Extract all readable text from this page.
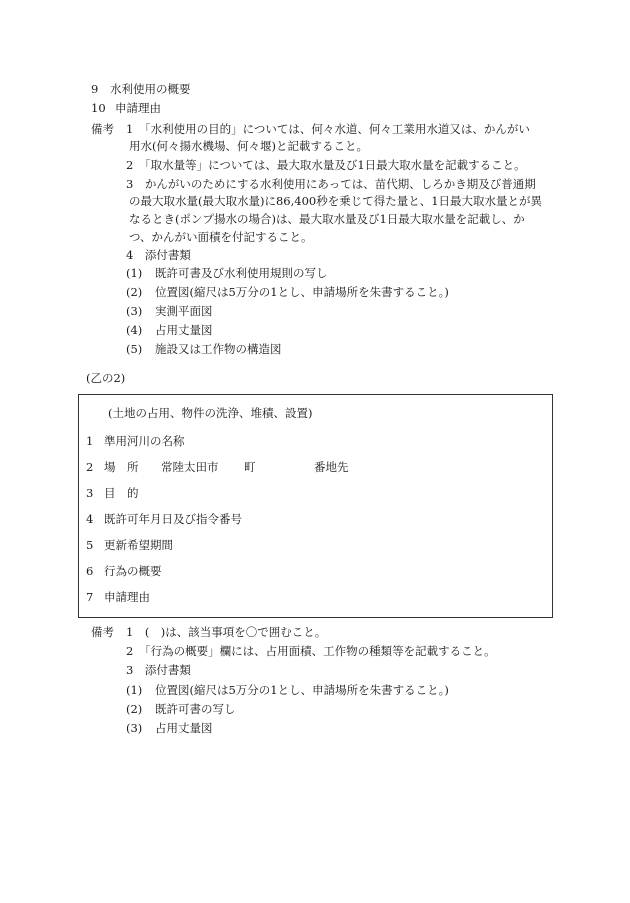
9 水利使用の概要
10 申請理由
備考 1　「水利使用の目的」については、何々水道、何々工業用水道又は、かんがい
用水(何々揚水機場、何々堰)と記載すること。
2　「取水量等」については、最大取水量及び1日最大取水量を記載すること。
3　かんがいのためにする水利使用にあっては、苗代期、しろかき期及び普通期
の最大取水量(最大取水量)に86,400秒を乗じて得た量と、1日最大取水量とが異
なるとき(ポンプ揚水の場合)は、最大取水量及び1日最大取水量を記載し、か
つ、かんがい面積を付記すること。
4　添付書類
(1) 既許可書及び水利使用規則の写し
(2) 位置図(縮尺は5万分の1とし、申請場所を朱書すること。)
(3) 実測平面図
(4) 占用丈量図
(5) 施設又は工作物の構造図
(乙の2)
(土地の占用、物件の洗浄、堆積、設置)
1 準用河川の名称
2 場　所 常陸太田市 町	番地先
3 目　的
4 既許可年月日及び指令番号
5 更新希望期間
6 行為の概要
7 申請理由
備考 1　(　)は、該当事項を〇で囲むこと。
2　「行為の概要」欄には、占用面積、工作物の種類等を記載すること。
3　添付書類
(1) 位置図(縮尺は5万分の1とし、申請場所を朱書すること。)
(2) 既許可書の写し
(3) 占用丈量図
